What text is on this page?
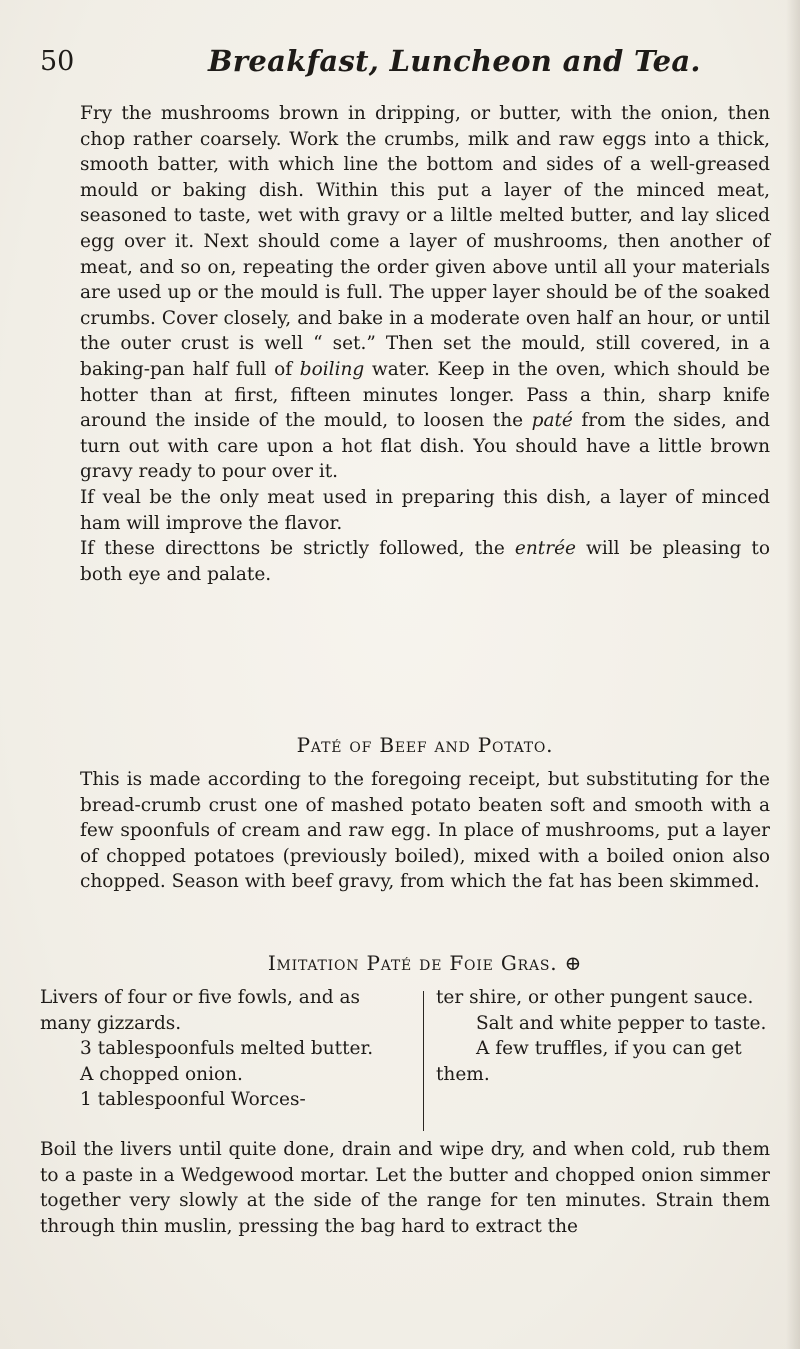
50	Breakfast, Luncheon and Tea.

Fry the mushrooms brown in dripping, or butter, with the onion, then chop rather coarsely. Work the crumbs, milk and raw eggs into a thick, smooth batter, with which line the bottom and sides of a well-greased mould or baking dish. Within this put a layer of the minced meat, seasoned to taste, wet with gravy or a liltle melted butter, and lay sliced egg over it. Next should come a layer of mushrooms, then another of meat, and so on, repeating the order given above until all your materials are used up or the mould is full. The upper layer should be of the soaked crumbs. Cover closely, and bake in a moderate oven half an hour, or until the outer crust is well “ set.” Then set the mould, still covered, in a baking-pan half full of boiling water. Keep in the oven, which should be hotter than at first, fifteen minutes longer. Pass a thin, sharp knife around the inside of the mould, to loosen the paté from the sides, and turn out with care upon a hot flat dish. You should have a little brown gravy ready to pour over it.

If veal be the only meat used in preparing this dish, a layer of minced ham will improve the flavor.

If these directtons be strictly followed, the entrée will be pleasing to both eye and palate.

Paté of Beef and Potato.

This is made according to the foregoing receipt, but substituting for the bread-crumb crust one of mashed potato beaten soft and smooth with a few spoonfuls of cream and raw egg. In place of mushrooms, put a layer of chopped potatoes (previously boiled), mixed with a boiled onion also chopped. Season with beef gravy, from which the fat has been skimmed.

Imitation Paté de Foie Gras. ⊕

Livers of four or five fowls, and as many gizzards.

3 tablespoonfuls melted butter.

A chopped onion.

1 tablespoonful Worces-

ter shire, or other pungent sauce.

Salt and white pepper to taste.

A few truffles, if you can get them.

Boil the livers until quite done, drain and wipe dry, and when cold, rub them to a paste in a Wedgewood mortar. Let the butter and chopped onion simmer together very slowly at the side of the range for ten minutes. Strain them through thin muslin, pressing the bag hard to extract the
